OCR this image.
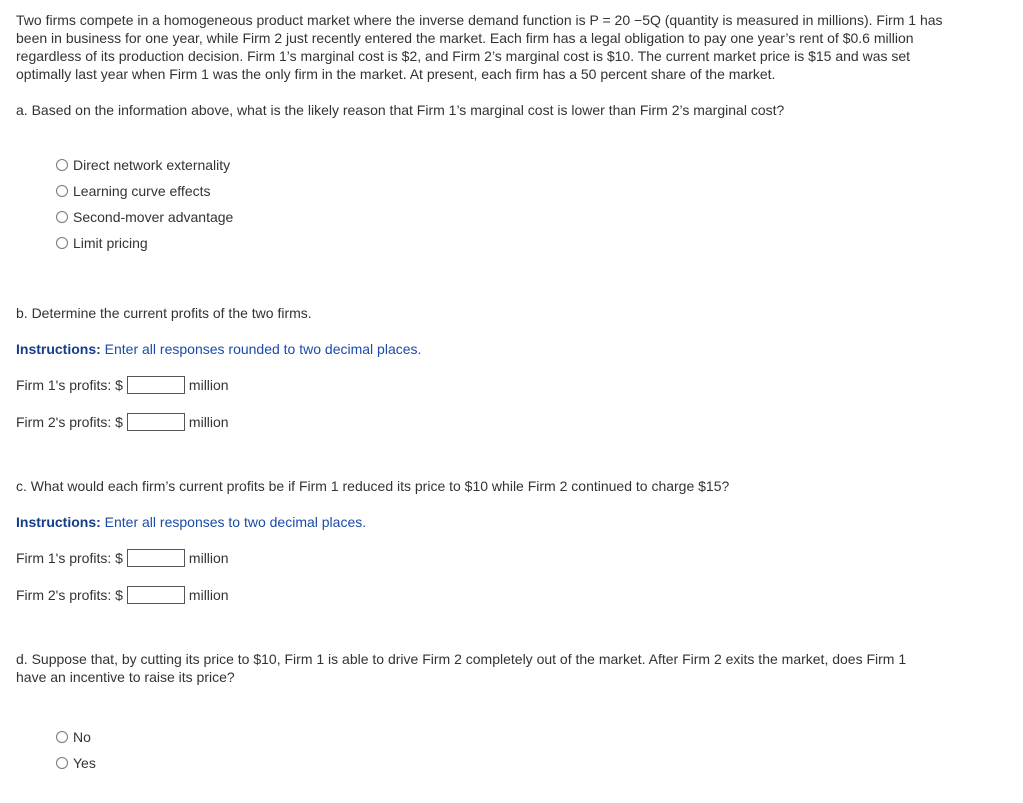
Two firms compete in a homogeneous product market where the inverse demand function is P = 20 −5Q (quantity is measured in millions). Firm 1 has been in business for one year, while Firm 2 just recently entered the market. Each firm has a legal obligation to pay one year’s rent of $0.6 million regardless of its production decision. Firm 1’s marginal cost is $2, and Firm 2’s marginal cost is $10. The current market price is $15 and was set optimally last year when Firm 1 was the only firm in the market. At present, each firm has a 50 percent share of the market.

a. Based on the information above, what is the likely reason that Firm 1’s marginal cost is lower than Firm 2’s marginal cost?

Direct network externality
Learning curve effects
Second-mover advantage
Limit pricing

b. Determine the current profits of the two firms.

Instructions: Enter all responses rounded to two decimal places.

Firm 1's profits: $	million
Firm 2's profits: $	million

c. What would each firm’s current profits be if Firm 1 reduced its price to $10 while Firm 2 continued to charge $15?

Instructions: Enter all responses to two decimal places.

Firm 1's profits: $	million
Firm 2's profits: $	million

d. Suppose that, by cutting its price to $10, Firm 1 is able to drive Firm 2 completely out of the market. After Firm 2 exits the market, does Firm 1 have an incentive to raise its price?

No
Yes
